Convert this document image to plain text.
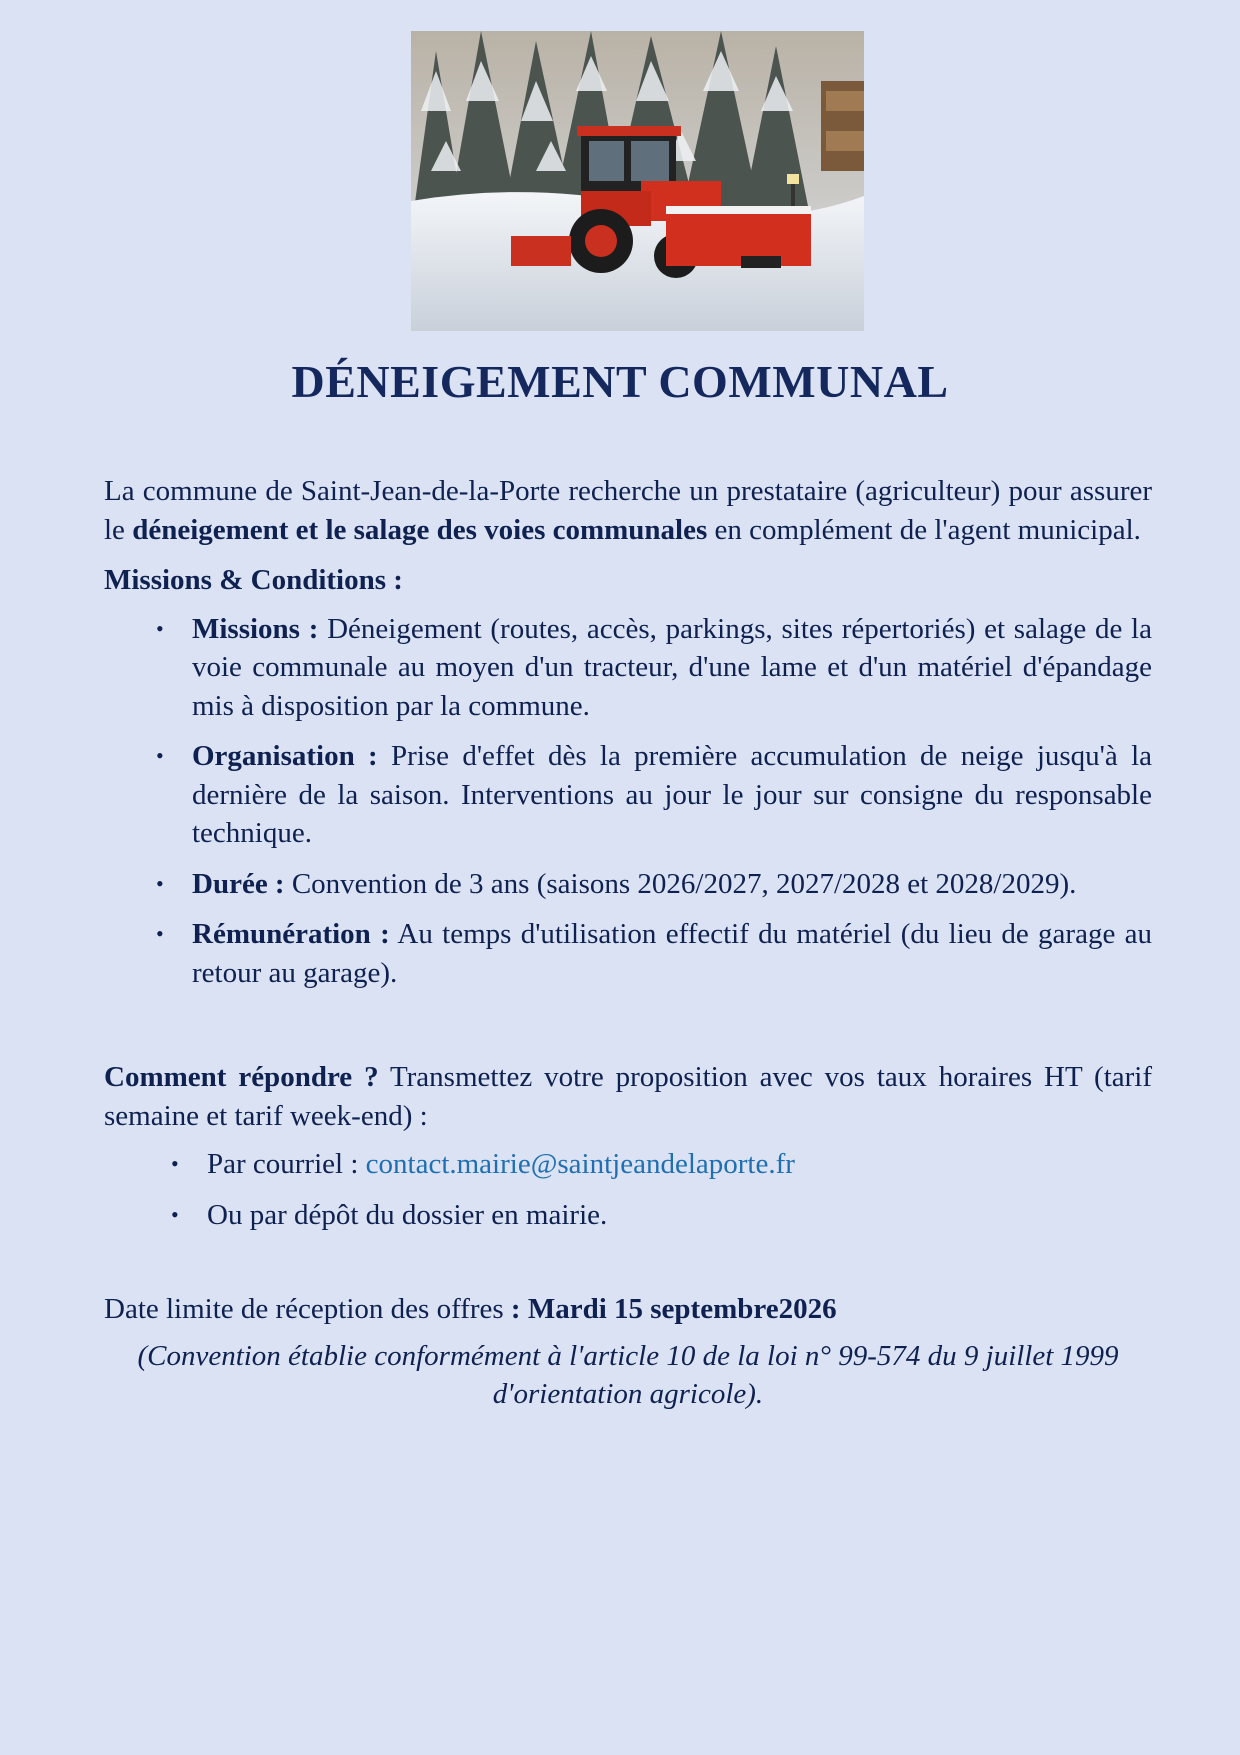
DÉNEIGEMENT COMMUNAL

La commune de Saint-Jean-de-la-Porte recherche un prestataire (agriculteur) pour assurer le déneigement et le salage des voies communales en complément de l'agent municipal.

Missions & Conditions :

• Missions : Déneigement (routes, accès, parkings, sites répertoriés) et salage de la voie communale au moyen d'un tracteur, d'une lame et d'un matériel d'épandage mis à disposition par la commune.
• Organisation : Prise d'effet dès la première accumulation de neige jusqu'à la dernière de la saison. Interventions au jour le jour sur consigne du responsable technique.
• Durée : Convention de 3 ans (saisons 2026/2027, 2027/2028 et 2028/2029).
• Rémunération : Au temps d'utilisation effectif du matériel (du lieu de garage au retour au garage).

Comment répondre ? Transmettez votre proposition avec vos taux horaires HT (tarif semaine et tarif week-end) :

• Par courriel : contact.mairie@saintjeandelaporte.fr
• Ou par dépôt du dossier en mairie.

Date limite de réception des offres : Mardi 15 septembre2026

(Convention établie conformément à l'article 10 de la loi n° 99-574 du 9 juillet 1999 d'orientation agricole).
